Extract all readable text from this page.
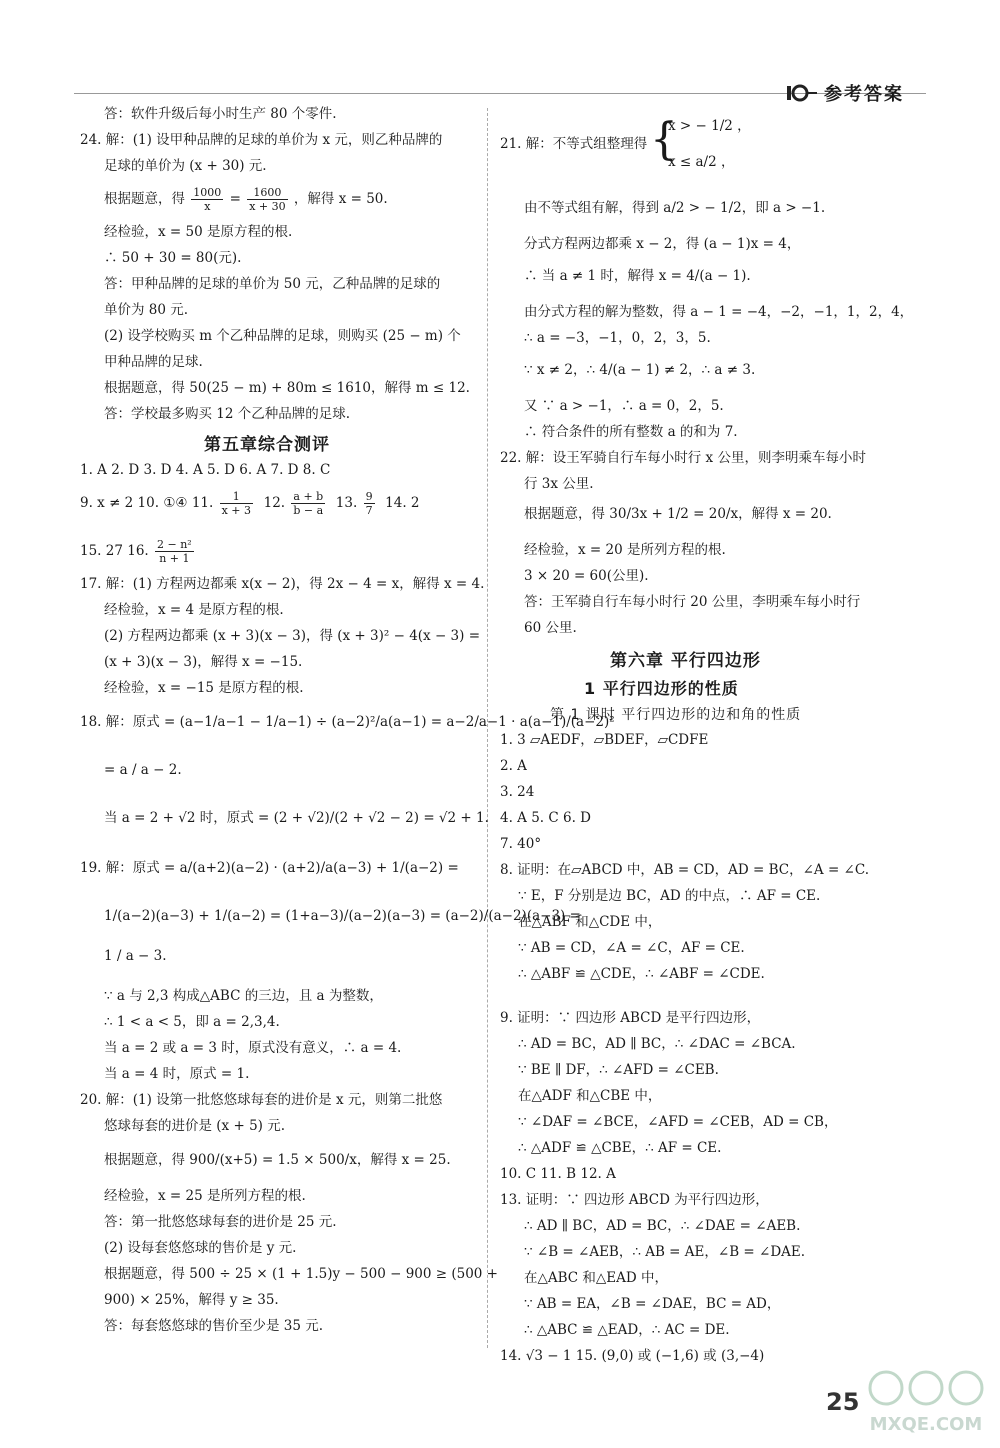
参考答案
答：软件升级后每小时生产 80 个零件.
24. 解：(1) 设甲种品牌的足球的单价为 x 元，则乙种品牌的
足球的单价为 (x + 30) 元.
根据题意，得 $\frac{1000}{x} = \frac{1600}{x + 30}$ ，解得 x = 50.
经检验，x = 50 是原方程的根.
∴ 50 + 30 = 80(元).
答：甲种品牌的足球的单价为 50 元，乙种品牌的足球的
单价为 80 元.
(2) 设学校购买 m 个乙种品牌的足球，则购买 (25 − m) 个
甲种品牌的足球.
根据题意，得 50(25 − m) + 80m ≤ 1610，解得 m ≤ 12.
答：学校最多购买 12 个乙种品牌的足球.
第五章综合测评
1. A 2. D 3. D 4. A 5. D 6. A 7. D 8. C
9. x ≠ 2 10. ①④ 11. $\frac{1}{x + 3} 12$. $\frac{a + b}{b - a} 13$. $\frac{9}{7} 14$. 2
15. 27 16. $\frac{\text{2 − n²}}{n + 1}$
17. 解：(1) 方程两边都乘 x(x − 2)，得 2x − 4 = x，解得 x = 4.
经检验，x = 4 是原方程的根.
(2) 方程两边都乘 (x + 3)(x − 3)，得 (x + 3)² − 4(x − 3) =
(x + 3)(x − 3)，解得 x = −15.
经检验，x = −15 是原方程的根.
18. 解：原式 = (a−1/a−1 − 1/a−1) ÷ (a−2)²/a(a−1) = a−2/a−1 · a(a−1)/(a−2)²
= a / a − 2.
当 a = 2 + √2 时，原式 = (2 + √2)/(2 + √2 − 2) = √2 + 1.
19. 解：原式 = a/(a+2)(a−2) · (a+2)/a(a−3) + 1/(a−2) =
1/(a−2)(a−3) + 1/(a−2) = (1+a−3)/(a−2)(a−3) = (a−2)/(a−2)(a−3) =
1 / a − 3.
∵ a 与 2,3 构成△ABC 的三边，且 a 为整数，
∴ 1 < a < 5，即 a = 2,3,4.
当 a = 2 或 a = 3 时，原式没有意义，∴ a = 4.
当 a = 4 时，原式 = 1.
20. 解：(1) 设第一批悠悠球每套的进价是 x 元，则第二批悠
悠球每套的进价是 (x + 5) 元.
根据题意，得 900/(x+5) = 1.5 × 500/x，解得 x = 25.
经检验，x = 25 是所列方程的根.
答：第一批悠悠球每套的进价是 25 元.
(2) 设每套悠悠球的售价是 y 元.
根据题意，得 500 ÷ 25 × (1 + 1.5)y − 500 − 900 ≥ (500 +
900) × 25%，解得 y ≥ 35.
答：每套悠悠球的售价至少是 35 元.
21. 解：不等式组整理得 {
x > − 1/2 ，
x ≤ a/2 ，
由不等式组有解，得到 a/2 > − 1/2，即 a > −1.
分式方程两边都乘 x − 2，得 (a − 1)x = 4，
∴ 当 a ≠ 1 时，解得 x = 4/(a − 1).
由分式方程的解为整数，得 a − 1 = −4，−2，−1，1，2，4，
∴ a = −3，−1，0，2，3，5.
∵ x ≠ 2，∴ 4/(a − 1) ≠ 2，∴ a ≠ 3.
又 ∵ a > −1，∴ a = 0，2，5.
∴ 符合条件的所有整数 a 的和为 7.
22. 解：设王军骑自行车每小时行 x 公里，则李明乘车每小时
行 3x 公里.
根据题意，得 30/3x + 1/2 = 20/x，解得 x = 20.
经检验，x = 20 是所列方程的根.
3 × 20 = 60(公里).
答：王军骑自行车每小时行 20 公里，李明乘车每小时行
60 公里.
第六章 平行四边形
1 平行四边形的性质
第 1 课时 平行四边形的边和角的性质
1. 3 ▱AEDF，▱BDEF，▱CDFE
2. A
3. 24
4. A 5. C 6. D
7. 40°
8. 证明：在▱ABCD 中，AB = CD，AD = BC，∠A = ∠C.
∵ E，F 分别是边 BC，AD 的中点，∴ AF = CE.
在△ABF 和△CDE 中，
∵ AB = CD，∠A = ∠C，AF = CE.
∴ △ABF ≌ △CDE，∴ ∠ABF = ∠CDE.
9. 证明：∵ 四边形 ABCD 是平行四边形，
∴ AD = BC，AD ∥ BC，∴ ∠DAC = ∠BCA.
∵ BE ∥ DF，∴ ∠AFD = ∠CEB.
在△ADF 和△CBE 中，
∵ ∠DAF = ∠BCE，∠AFD = ∠CEB，AD = CB，
∴ △ADF ≌ △CBE，∴ AF = CE.
10. C 11. B 12. A
13. 证明：∵ 四边形 ABCD 为平行四边形，
∴ AD ∥ BC，AD = BC，∴ ∠DAE = ∠AEB.
∵ ∠B = ∠AEB，∴ AB = AE，∠B = ∠DAE.
在△ABC 和△EAD 中，
∵ AB = EA，∠B = ∠DAE，BC = AD，
∴ △ABC ≌ △EAD，∴ AC = DE.
14. √3 − 1 15. (9,0) 或 (−1,6) 或 (3,−4)
25
MXQE.COM
